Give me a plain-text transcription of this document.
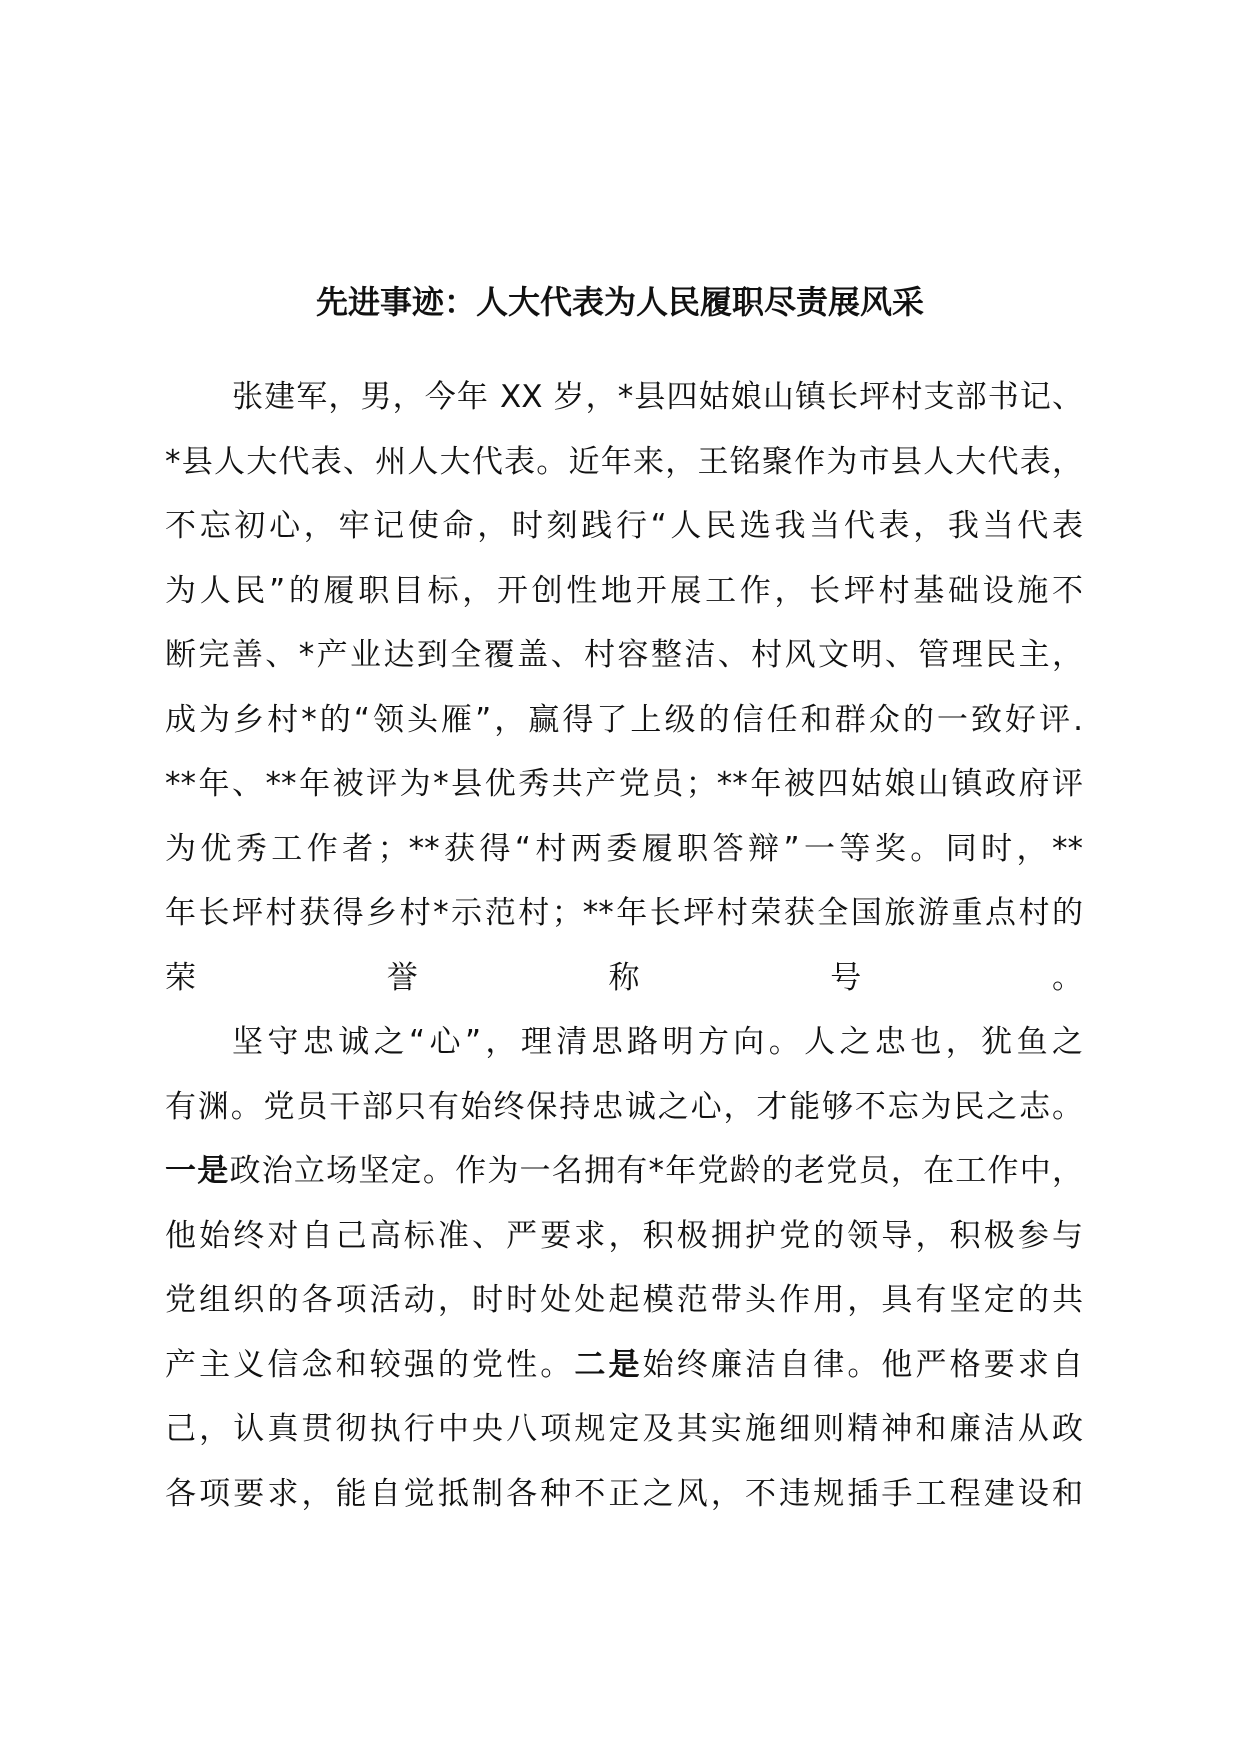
先进事迹：人大代表为人民履职尽责展风采
张建军，男，今年 XX 岁，*县四姑娘山镇长坪村支部书记、
*县人大代表、州人大代表。近年来，王铭聚作为市县人大代表，
不忘初心，牢记使命，时刻践行“人民选我当代表，我当代表
为人民”的履职目标，开创性地开展工作，长坪村基础设施不
断完善、*产业达到全覆盖、村容整洁、村风文明、管理民主，
成为乡村*的“领头雁”，赢得了上级的信任和群众的一致好评.
**年、**年被评为*县优秀共产党员；**年被四姑娘山镇政府评
为优秀工作者；**获得“村两委履职答辩”一等奖。同时，**
年长坪村获得乡村*示范村；**年长坪村荣获全国旅游重点村的
荣誉称号。
坚守忠诚之“心”，理清思路明方向。人之忠也，犹鱼之
有渊。党员干部只有始终保持忠诚之心，才能够不忘为民之志。
一是政治立场坚定。作为一名拥有*年党龄的老党员，在工作中，
他始终对自己高标准、严要求，积极拥护党的领导，积极参与
党组织的各项活动，时时处处起模范带头作用，具有坚定的共
产主义信念和较强的党性。二是始终廉洁自律。他严格要求自
己，认真贯彻执行中央八项规定及其实施细则精神和廉洁从政
各项要求，能自觉抵制各种不正之风，不违规插手工程建设和
